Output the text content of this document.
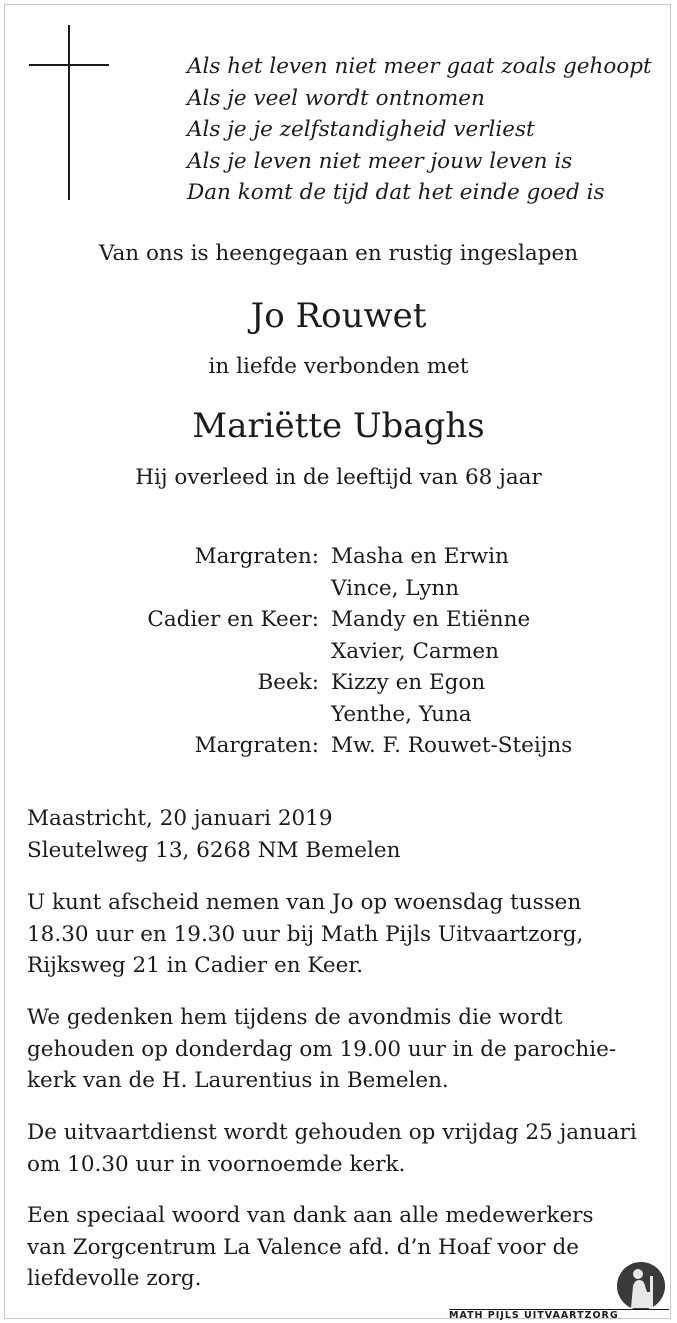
Als het leven niet meer gaat zoals gehoopt
Als je veel wordt ontnomen
Als je je zelfstandigheid verliest
Als je leven niet meer jouw leven is
Dan komt de tijd dat het einde goed is
Van ons is heengegaan en rustig ingeslapen
Jo Rouwet
in liefde verbonden met
Mariëtte Ubaghs
Hij overleed in de leeftijd van 68 jaar
Margraten: Masha en Erwin
Vince, Lynn
Cadier en Keer: Mandy en Etiënne
Xavier, Carmen
Beek: Kizzy en Egon
Yenthe, Yuna
Margraten: Mw. F. Rouwet-Steijns
Maastricht, 20 januari 2019
Sleutelweg 13, 6268 NM Bemelen
U kunt afscheid nemen van Jo op woensdag tussen
18.30 uur en 19.30 uur bij Math Pijls Uitvaartzorg,
Rijksweg 21 in Cadier en Keer.
We gedenken hem tijdens de avondmis die wordt
gehouden op donderdag om 19.00 uur in de parochie-
kerk van de H. Laurentius in Bemelen.
De uitvaartdienst wordt gehouden op vrijdag 25 januari
om 10.30 uur in voornoemde kerk.
Een speciaal woord van dank aan alle medewerkers
van Zorgcentrum La Valence afd. d’n Hoaf voor de
liefdevolle zorg.
MATH PIJLS UITVAARTZORG
